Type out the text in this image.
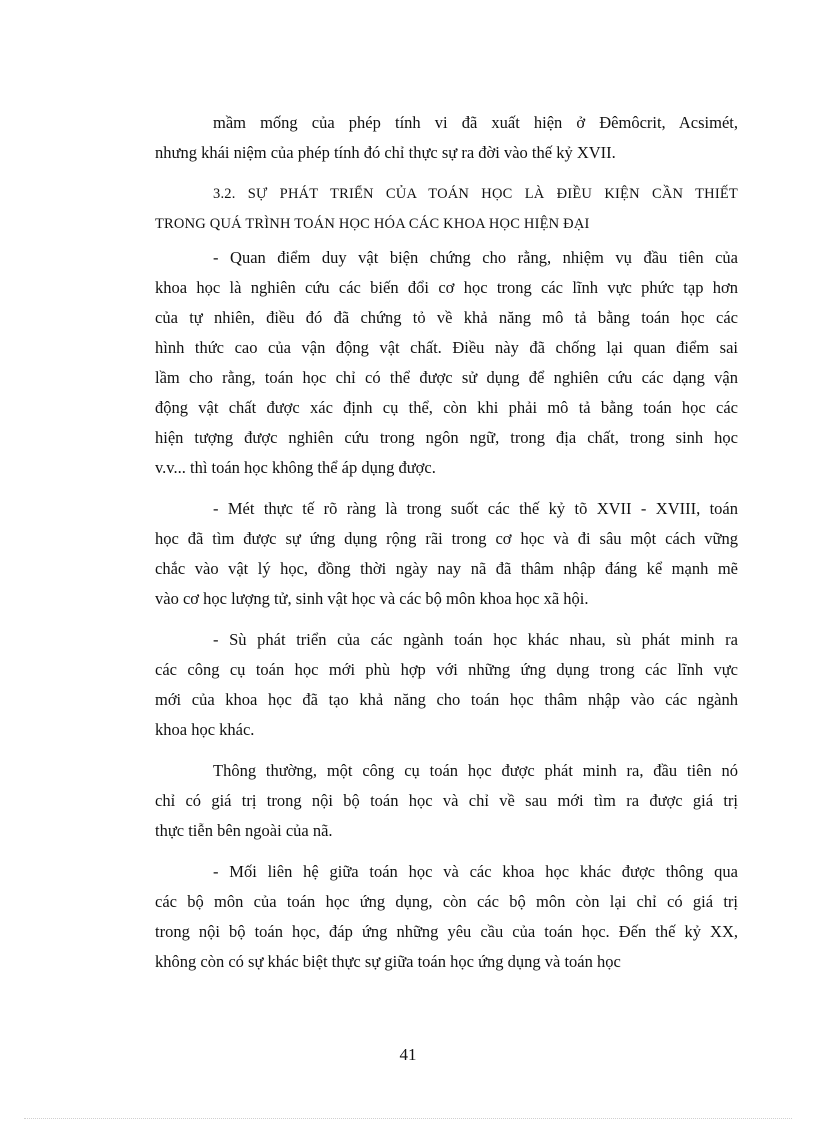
mầm mống của phép tính vi đã xuất hiện ở Đêmôcrit, Acsimét,
nhưng khái niệm của phép tính đó chỉ thực sự ra đời vào thế kỷ XVII.
3.2. SỰ PHÁT TRIỂN CỦA TOÁN HỌC LÀ ĐIỀU KIỆN CẦN THIẾT
TRONG QUÁ TRÌNH TOÁN HỌC HÓA CÁC KHOA HỌC HIỆN ĐẠI
- Quan điểm duy vật biện chứng cho rằng, nhiệm vụ đầu tiên của
khoa học là nghiên cứu các biến đổi cơ học trong các lĩnh vực phức tạp hơn
của tự nhiên, điều đó đã chứng tỏ về khả năng mô tả bằng toán học các
hình thức cao của vận động vật chất. Điều này đã chống lại quan điểm sai
lầm cho rằng, toán học chỉ có thể được sử dụng để nghiên cứu các dạng vận
động vật chất được xác định cụ thể, còn khi phải mô tả bằng toán học các
hiện tượng được nghiên cứu trong ngôn ngữ, trong địa chất, trong sinh học
v.v... thì toán học không thể áp dụng được.
- Mét thực tế rõ ràng là trong suốt các thế kỷ tõ XVII - XVIII, toán
học đã tìm được sự ứng dụng rộng rãi trong cơ học và đi sâu một cách vững
chắc vào vật lý học, đồng thời ngày nay nã đã thâm nhập đáng kể mạnh mẽ
vào cơ học lượng tử, sinh vật học và các bộ môn khoa học xã hội.
- Sù phát triển của các ngành toán học khác nhau, sù phát minh ra
các công cụ toán học mới phù hợp với những ứng dụng trong các lĩnh vực
mới của khoa học đã tạo khả năng cho toán học thâm nhập vào các ngành
khoa học khác.
Thông thường, một công cụ toán học được phát minh ra, đầu tiên nó
chỉ có giá trị trong nội bộ toán học và chỉ về sau mới tìm ra được giá trị
thực tiễn bên ngoài của nã.
- Mối liên hệ giữa toán học và các khoa học khác được thông qua
các bộ môn của toán học ứng dụng, còn các bộ môn còn lại chỉ có giá trị
trong nội bộ toán học, đáp ứng những yêu cầu của toán học. Đến thế kỷ XX,
không còn có sự khác biệt thực sự giữa toán học ứng dụng và toán học
41
